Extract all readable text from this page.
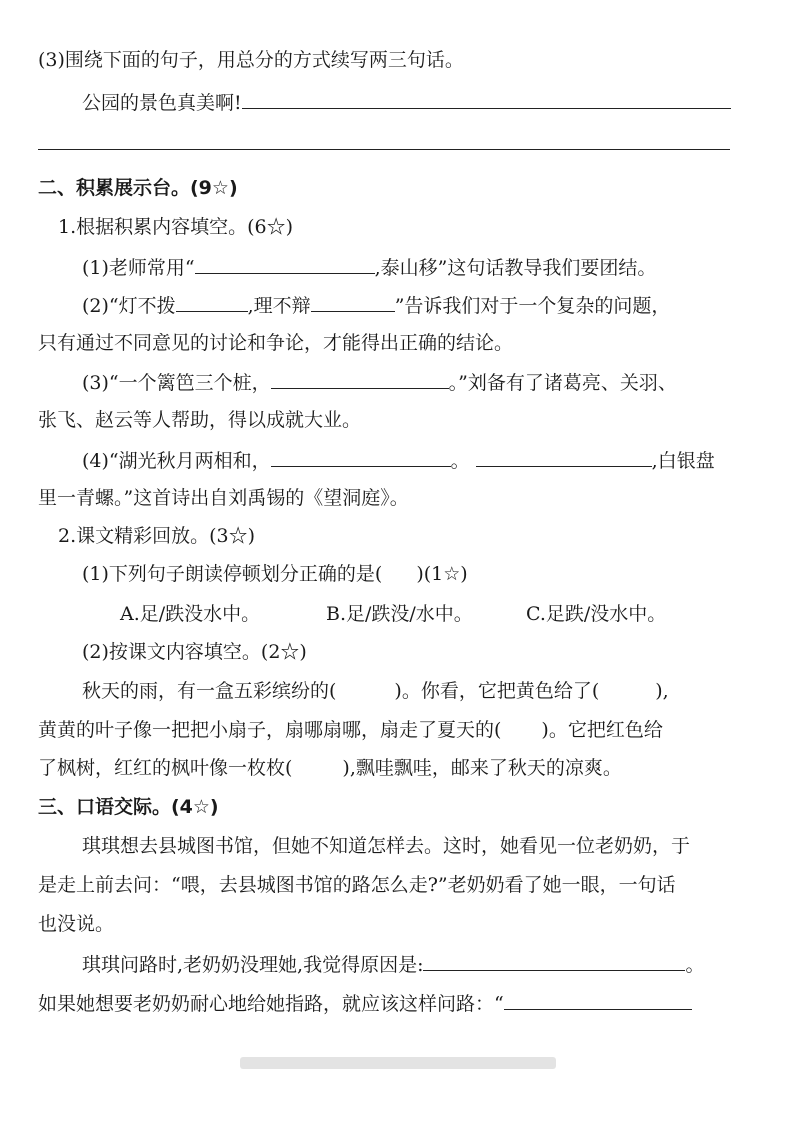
(3)围绕下面的句子，用总分的方式续写两三句话。
公园的景色真美啊!
二、积累展示台。(9☆)
1.根据积累内容填空。(6☆)
(1)老师常用“	,泰山移”这句话教导我们要团结。
(2)“灯不拨	,理不辩	”告诉我们对于一个复杂的问题，
只有通过不同意见的讨论和争论，才能得出正确的结论。
(3)“一个篱笆三个桩，	。”刘备有了诸葛亮、关羽、
张飞、赵云等人帮助，得以成就大业。
(4)“湖光秋月两相和，	。	,白银盘
里一青螺。”这首诗出自刘禹锡的《望洞庭》。
2.课文精彩回放。(3☆)
(1)下列句子朗读停顿划分正确的是( )(1☆)
A.足/跌没水中。	B.足/跌没/水中。	C.足跌/没水中。
(2)按课文内容填空。(2☆)
秋天的雨，有一盒五彩缤纷的(	)。你看，它把黄色给了(	),
黄黄的叶子像一把把小扇子，扇哪扇哪，扇走了夏天的( )。它把红色给
了枫树，红红的枫叶像一枚枚(	),飘哇飘哇，邮来了秋天的凉爽。
三、口语交际。(4☆)
琪琪想去县城图书馆，但她不知道怎样去。这时，她看见一位老奶奶，于
是走上前去问：“喂，去县城图书馆的路怎么走?”老奶奶看了她一眼，一句话
也没说。
琪琪问路时,老奶奶没理她,我觉得原因是:	。
如果她想要老奶奶耐心地给她指路，就应该这样问路：“
